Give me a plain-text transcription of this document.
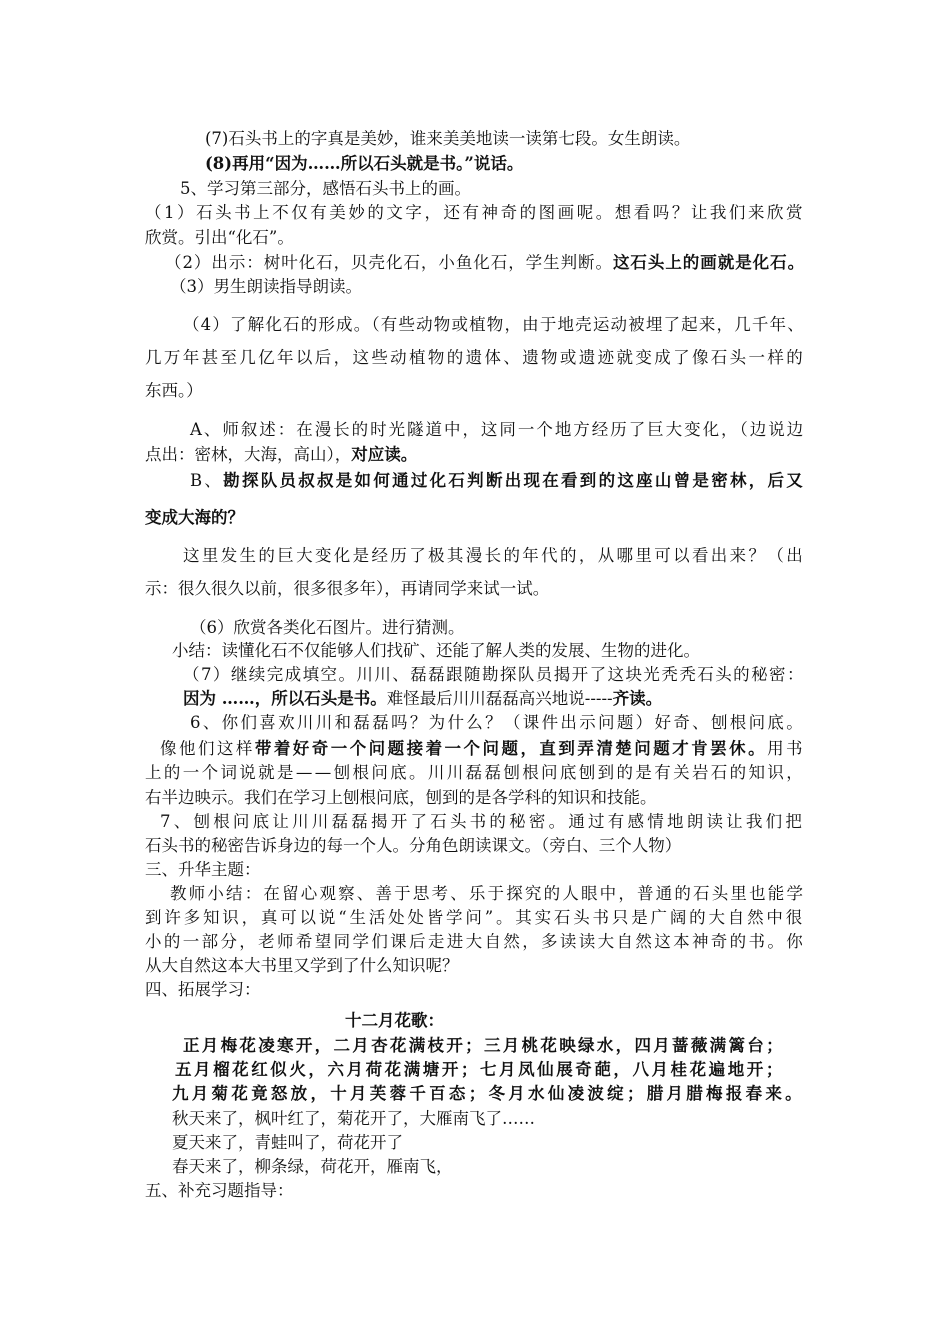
(7)石头书上的字真是美妙，谁来美美地读一读第七段。女生朗读。
(8)再用“因为……所以石头就是书。”说话。
5、学习第三部分，感悟石头书上的画。
（1）石头书上不仅有美妙的文字，还有神奇的图画呢。想看吗？让我们来欣赏
欣赏。引出“化石”。
（2）出示：树叶化石，贝壳化石，小鱼化石，学生判断。这石头上的画就是化石。
（3）男生朗读指导朗读。
（4）了解化石的形成。（有些动物或植物，由于地壳运动被埋了起来，几千年、
几万年甚至几亿年以后，这些动植物的遗体、遗物或遗迹就变成了像石头一样的
东西。）
A、师叙述：在漫长的时光隧道中，这同一个地方经历了巨大变化，（边说边
点出：密林，大海，高山），对应读。
B、勘探队员叔叔是如何通过化石判断出现在看到的这座山曾是密林，后又
变成大海的？
这里发生的巨大变化是经历了极其漫长的年代的，从哪里可以看出来？（出
示：很久很久以前，很多很多年），再请同学来试一试。
（6）欣赏各类化石图片。进行猜测。
小结：读懂化石不仅能够人们找矿、还能了解人类的发展、生物的进化。
（7）继续完成填空。川川、磊磊跟随勘探队员揭开了这块光秃秃石头的秘密：
因为 ……，所以石头是书。难怪最后川川磊磊高兴地说-----齐读。
6、你们喜欢川川和磊磊吗？为什么？（课件出示问题）好奇、刨根问底。
像他们这样带着好奇一个问题接着一个问题，直到弄清楚问题才肯罢休。用书
上的一个词说就是——刨根问底。川川磊磊刨根问底刨到的是有关岩石的知识，
右半边映示。我们在学习上刨根问底，刨到的是各学科的知识和技能。
7、刨根问底让川川磊磊揭开了石头书的秘密。通过有感情地朗读让我们把
石头书的秘密告诉身边的每一个人。分角色朗读课文。（旁白、三个人物）
三、升华主题：
教师小结：在留心观察、善于思考、乐于探究的人眼中，普通的石头里也能学
到许多知识，真可以说“生活处处皆学问”。其实石头书只是广阔的大自然中很
小的一部分，老师希望同学们课后走进大自然，多读读大自然这本神奇的书。你
从大自然这本大书里又学到了什么知识呢？
四、拓展学习：
十二月花歌：
正月梅花凌寒开，二月杏花满枝开；三月桃花映绿水，四月蔷薇满篱台；
五月榴花红似火，六月荷花满塘开；七月凤仙展奇葩，八月桂花遍地开；
九月菊花竟怒放，十月芙蓉千百态；冬月水仙凌波绽；腊月腊梅报春来。
秋天来了，枫叶红了，菊花开了，大雁南飞了……
夏天来了，青蛙叫了，荷花开了
春天来了，柳条绿，荷花开，雁南飞，
五、补充习题指导：
